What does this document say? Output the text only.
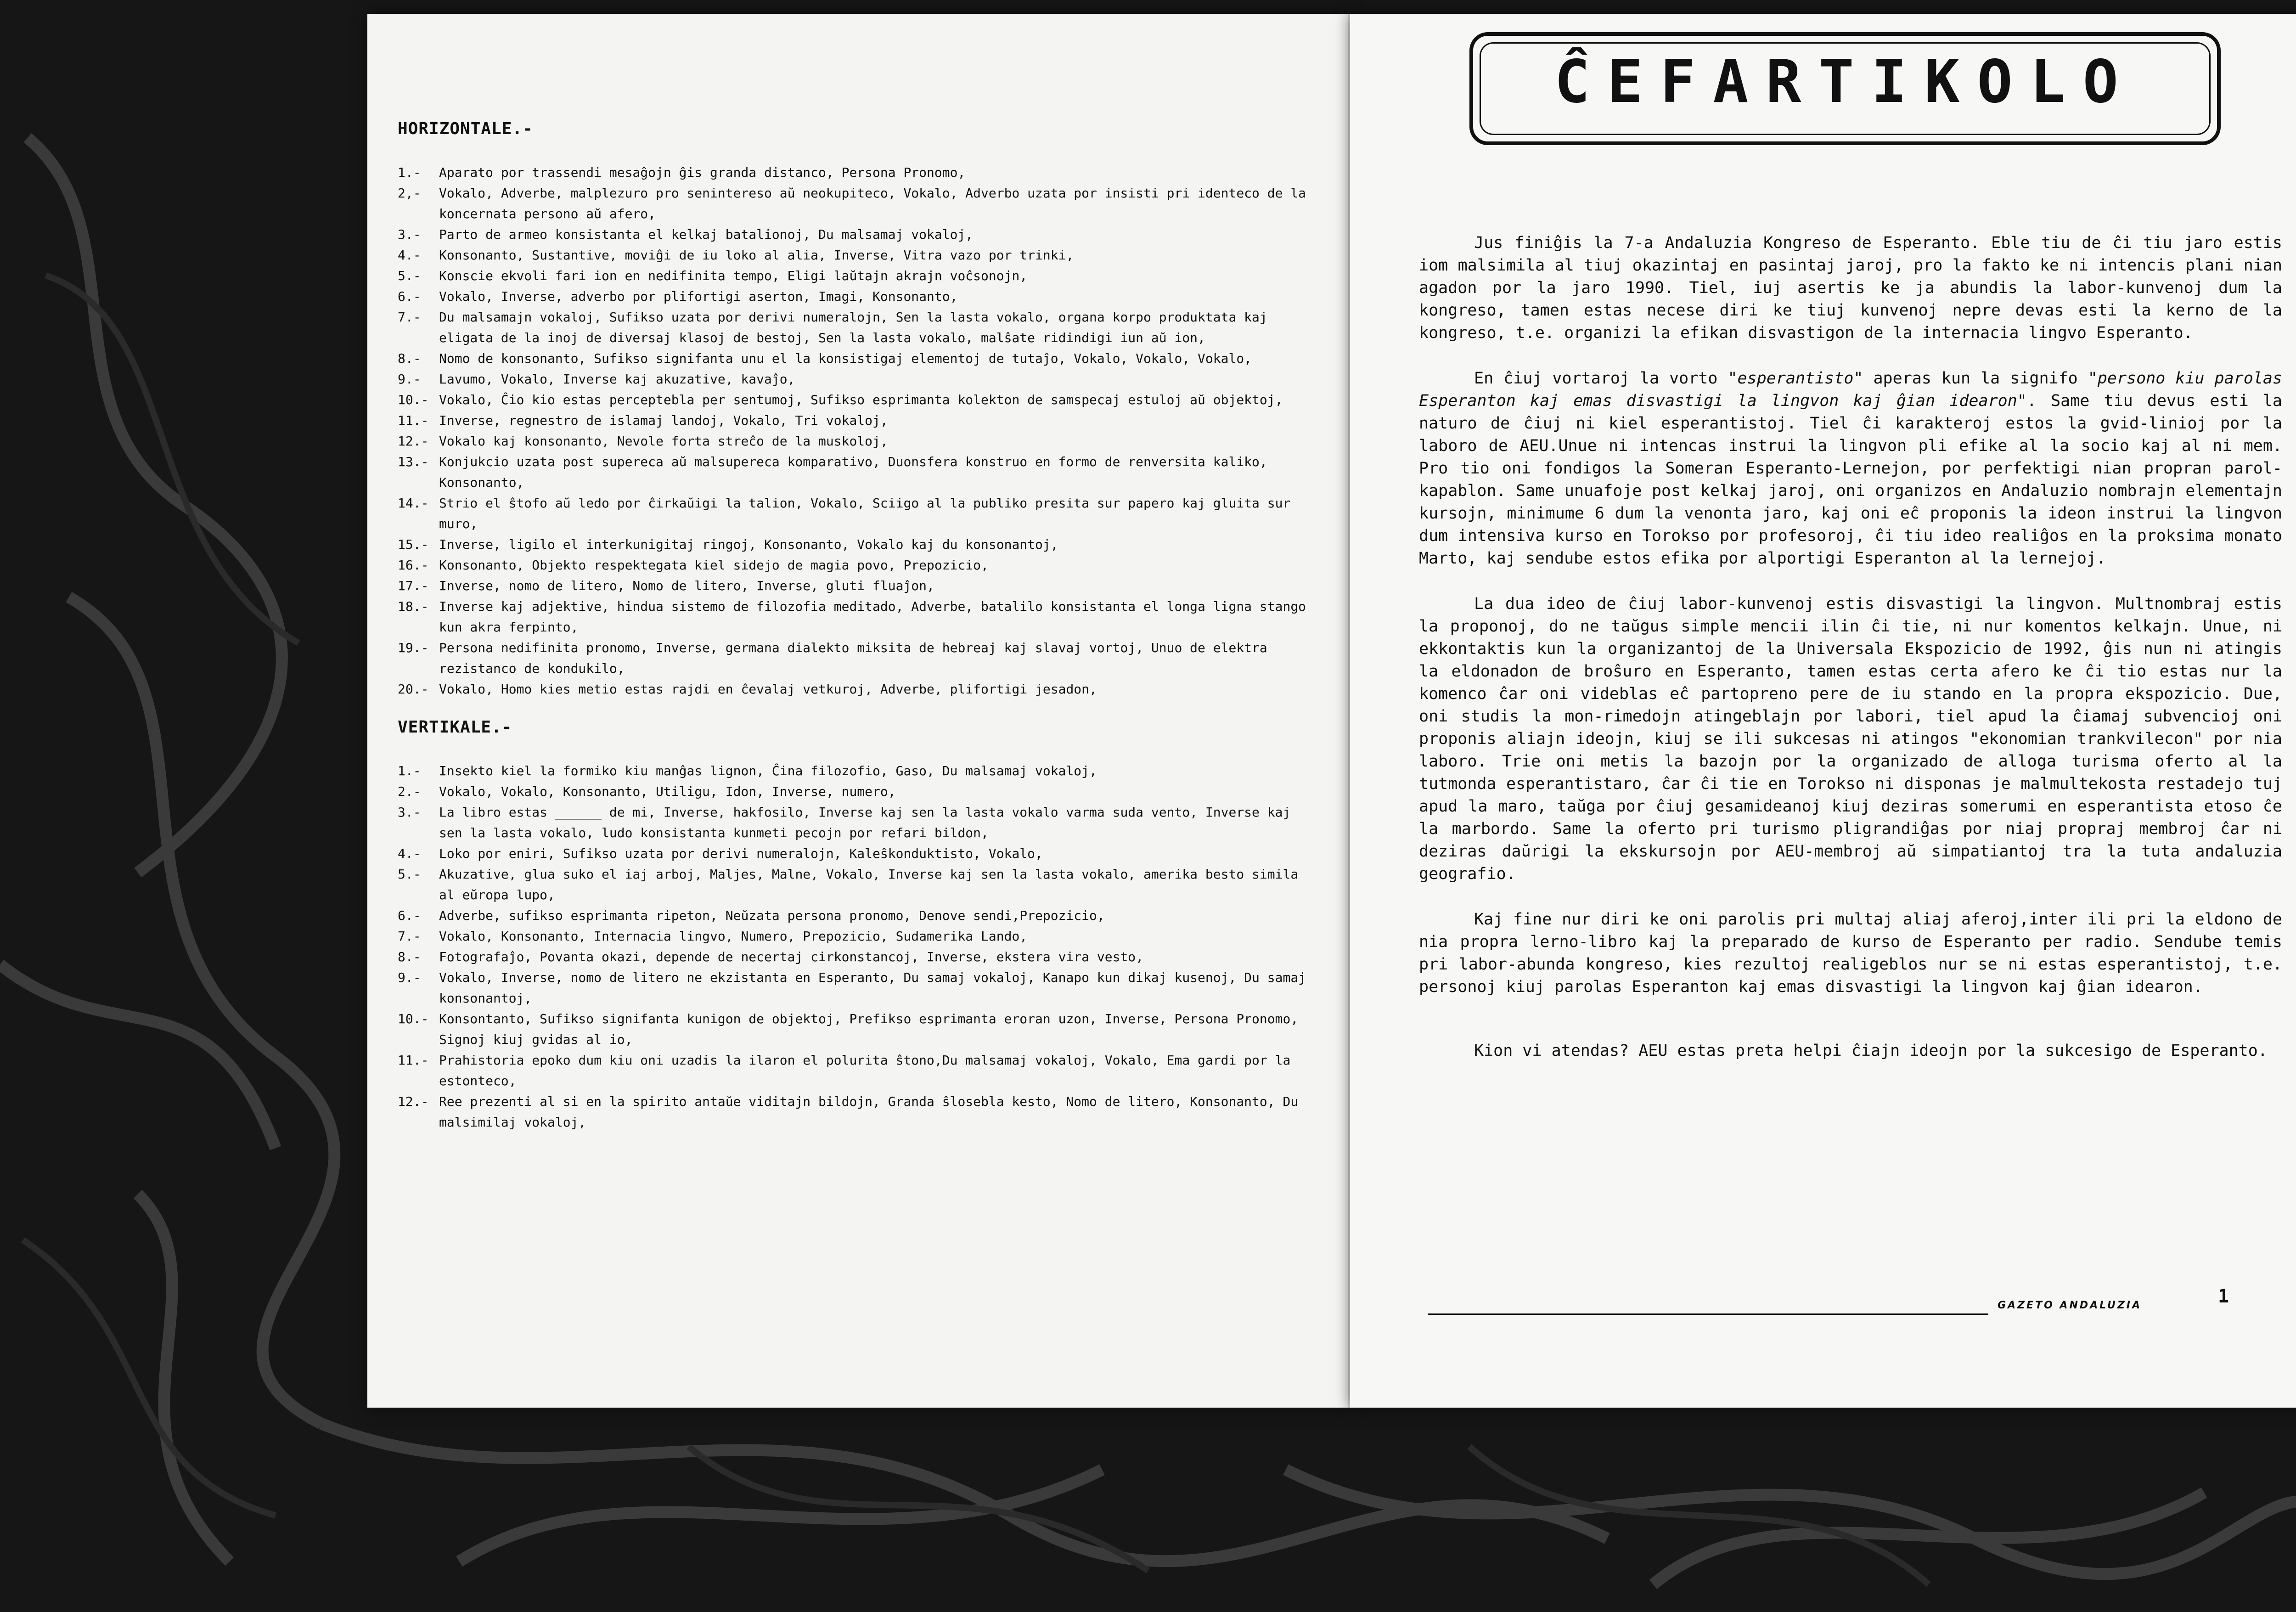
HORIZONTALE.-
1.-	Aparato por trassendi mesaĝojn ĝis granda distanco, Persona Pronomo,
2,-	Vokalo, Adverbe, malplezuro pro senintereso aŭ neokupiteco, Vokalo, Adverbo uzata por insisti pri identeco de la koncernata persono aŭ afero,
3.-	Parto de armeo konsistanta el kelkaj batalionoj, Du malsamaj vokaloj,
4.-	Konsonanto, Sustantive, moviĝi de iu loko al alia, Inverse, Vitra vazo por trinki,
5.-	Konscie ekvoli fari ion en nedifinita tempo, Eligi laŭtajn akrajn voĉsonojn,
6.-	Vokalo, Inverse, adverbo por plifortigi aserton, Imagi, Konsonanto,
7.-	Du malsamajn vokaloj, Sufikso uzata por derivi numeralojn, Sen la lasta vokalo, organa korpo produktata kaj eligata de la inoj de diversaj klasoj de bestoj, Sen la lasta vokalo, malŝate ridindigi iun aŭ ion,
8.-	Nomo de konsonanto, Sufikso signifanta unu el la konsistigaj elementoj de tutaĵo, Vokalo, Vokalo, Vokalo,
9.-	Lavumo, Vokalo, Inverse kaj akuzative, kavaĵo,
10.- Vokalo, Ĉio kio estas perceptebla per sentumoj, Sufikso esprimanta kolekton de samspecaj estuloj aŭ objektoj,
11.- Inverse, regnestro de islamaj landoj, Vokalo, Tri vokaloj,
12.- Vokalo kaj konsonanto, Nevole forta streĉo de la muskoloj,
13.- Konjukcio uzata post supereca aŭ malsupereca komparativo, Duonsfera konstruo en formo de renversita kaliko, Konsonanto,
14.- Strio el ŝtofo aŭ ledo por ĉirkaŭigi la talion, Vokalo, Sciigo al la publiko presita sur papero kaj gluita sur muro,
15.- Inverse, ligilo el interkunigitaj ringoj, Konsonanto, Vokalo kaj du konsonantoj,
16.- Konsonanto, Objekto respektegata kiel sidejo de magia povo, Prepozicio,
17.- Inverse, nomo de litero, Nomo de litero, Inverse, gluti fluaĵon,
18.- Inverse kaj adjektive, hindua sistemo de filozofia meditado, Adverbe, batalilo konsistanta el longa ligna stango kun akra ferpinto,
19.- Persona nedifinita pronomo, Inverse, germana dialekto miksita de hebreaj kaj slavaj vortoj, Unuo de elektra rezistanco de kondukilo,
20.- Vokalo, Homo kies metio estas rajdi en ĉevalaj vetkuroj, Adverbe, plifortigi jesadon,
VERTIKALE.-
1.-	Insekto kiel la formiko kiu manĝas lignon, Ĉina filozofio, Gaso, Du malsamaj vokaloj,
2.-	Vokalo, Vokalo, Konsonanto, Utiligu, Idon, Inverse, numero,
3.-	La libro estas ______ de mi, Inverse, hakfosilo, Inverse kaj sen la lasta vokalo varma suda vento, Inverse kaj sen la lasta vokalo, ludo konsistanta kunmeti pecojn por refari bildon,
4.-	Loko por eniri, Sufikso uzata por derivi numeralojn, Kaleŝkonduktisto, Vokalo,
5.-	Akuzative, glua suko el iaj arboj, Maljes, Malne, Vokalo, Inverse kaj sen la lasta vokalo, amerika besto simila al eŭropa lupo,
6.-	Adverbe, sufikso esprimanta ripeton, Neŭzata persona pronomo, Denove sendi,Prepozicio,
7.-	Vokalo, Konsonanto, Internacia lingvo, Numero, Prepozicio, Sudamerika Lando,
8.-	Fotografaĵo, Povanta okazi, depende de necertaj cirkonstancoj, Inverse, ekstera vira vesto,
9.-	Vokalo, Inverse, nomo de litero ne ekzistanta en Esperanto, Du samaj vokaloj, Kanapo kun dikaj kusenoj, Du samaj konsonantoj,
10.- Konsontanto, Sufikso signifanta kunigon de objektoj, Prefikso esprimanta eroran uzon, Inverse, Persona Pronomo, Signoj kiuj gvidas al io,
11.- Prahistoria epoko dum kiu oni uzadis la ilaron el polurita ŝtono,Du malsamaj vokaloj, Vokalo, Ema gardi por la estonteco,
12.- Ree prezenti al si en la spirito antaŭe viditajn bildojn, Granda ŝlosebla kesto, Nomo de litero, Konsonanto, Du malsimilaj vokaloj,
ĈEFARTIKOLO

Jus finiĝis la 7-a Andaluzia Kongreso de Esperanto. Eble tiu de ĉi tiu jaro estis iom malsimila al tiuj okazintaj en pasintaj jaroj, pro la fakto ke ni intencis plani nian agadon por la jaro 1990. Tiel, iuj asertis ke ja abundis la labor-kunvenoj dum la kongreso, tamen estas necese diri ke tiuj kunvenoj nepre devas esti la kerno de la kongreso, t.e. organizi la efikan disvastigon de la internacia lingvo Esperanto.

En ĉiuj vortaroj la vorto "esperantisto" aperas kun la signifo "persono kiu parolas Esperanton kaj emas disvastigi la lingvon kaj ĝian idearon". Same tiu devus esti la naturo de ĉiuj ni kiel esperantistoj. Tiel ĉi karakteroj estos la gvid-linioj por la laboro de AEU.Unue ni intencas instrui la lingvon pli efike al la socio kaj al ni mem. Pro tio oni fondigos la Someran Esperanto-Lernejon, por perfektigi nian propran parol-kapablon. Same unuafoje post kelkaj jaroj, oni organizos en Andaluzio nombrajn elementajn kursojn, minimume 6 dum la venonta jaro, kaj oni eĉ proponis la ideon instrui la lingvon dum intensiva kurso en Torokso por profesoroj, ĉi tiu ideo realiĝos en la proksima monato Marto, kaj sendube estos efika por alportigi Esperanton al la lernejoj.

La dua ideo de ĉiuj labor-kunvenoj estis disvastigi la lingvon. Multnombraj estis la proponoj, do ne taŭgus simple mencii ilin ĉi tie, ni nur komentos kelkajn. Unue, ni ekkontaktis kun la organizantoj de la Universala Ekspozicio de 1992, ĝis nun ni atingis la eldonadon de broŝuro en Esperanto, tamen estas certa afero ke ĉi tio estas nur la komenco ĉar oni videblas eĉ partopreno pere de iu stando en la propra ekspozicio. Due, oni studis la mon-rimedojn atingeblajn por labori, tiel apud la ĉiamaj subvencioj oni proponis aliajn ideojn, kiuj se ili sukcesas ni atingos "ekonomian trankvilecon" por nia laboro. Trie oni metis la bazojn por la organizado de alloga turisma oferto al la tutmonda esperantistaro, ĉar ĉi tie en Torokso ni disponas je malmultekosta restadejo tuj apud la maro, taŭga por ĉiuj gesamideanoj kiuj deziras somerumi en esperantista etoso ĉe la marbordo. Same la oferto pri turismo pligrandiĝas por niaj propraj membroj ĉar ni deziras daŭrigi la ekskursojn por AEU-membroj aŭ simpatiantoj tra la tuta andaluzia geografio.

Kaj fine nur diri ke oni parolis pri multaj aliaj aferoj,inter ili pri la eldono de nia propra lerno-libro kaj la preparado de kurso de Esperanto per radio. Sendube temis pri labor-abunda kongreso, kies rezultoj realigeblos nur se ni estas esperantistoj, t.e. personoj kiuj parolas Esperanton kaj emas disvastigi la lingvon kaj ĝian idearon.

Kion vi atendas? AEU estas preta helpi ĉiajn ideojn por la sukcesigo de Esperanto.

GAZETO ANDALUZIA	1
